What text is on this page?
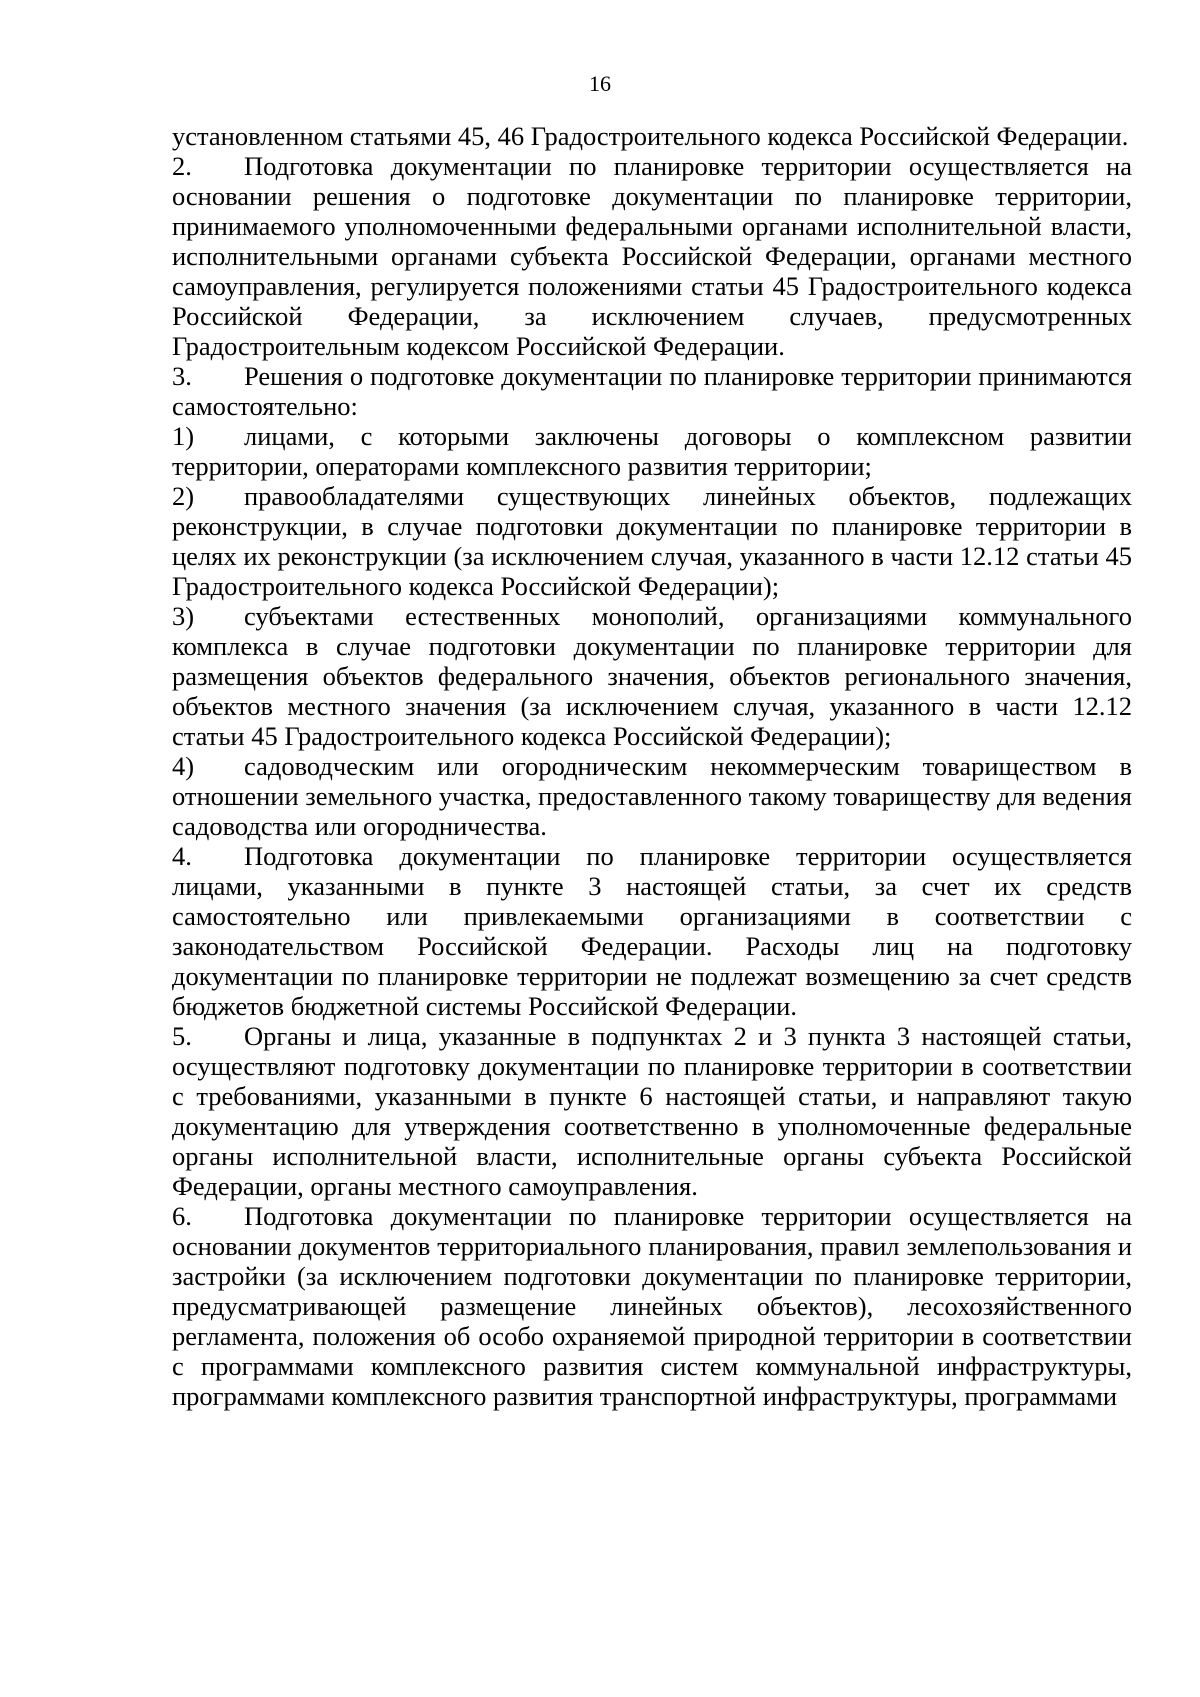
16

установленном статьями 45, 46 Градостроительного кодекса Российской Федерации.

2. Подготовка документации по планировке территории осуществляется на основании решения о подготовке документации по планировке территории, принимаемого уполномоченными федеральными органами исполнительной власти, исполнительными органами субъекта Российской Федерации, органами местного самоуправления, регулируется положениями статьи 45 Градостроительного кодекса Российской Федерации, за исключением случаев, предусмотренных Градостроительным кодексом Российской Федерации.

3. Решения о подготовке документации по планировке территории принимаются самостоятельно:

1) лицами, с которыми заключены договоры о комплексном развитии территории, операторами комплексного развития территории;

2) правообладателями существующих линейных объектов, подлежащих реконструкции, в случае подготовки документации по планировке территории в целях их реконструкции (за исключением случая, указанного в части 12.12 статьи 45 Градостроительного кодекса Российской Федерации);

3) субъектами естественных монополий, организациями коммунального комплекса в случае подготовки документации по планировке территории для размещения объектов федерального значения, объектов регионального значения, объектов местного значения (за исключением случая, указанного в части 12.12 статьи 45 Градостроительного кодекса Российской Федерации);

4) садоводческим или огородническим некоммерческим товариществом в отношении земельного участка, предоставленного такому товариществу для ведения садоводства или огородничества.

4. Подготовка документации по планировке территории осуществляется лицами, указанными в пункте 3 настоящей статьи, за счет их средств самостоятельно или привлекаемыми организациями в соответствии с законодательством Российской Федерации. Расходы лиц на подготовку документации по планировке территории не подлежат возмещению за счет средств бюджетов бюджетной системы Российской Федерации.

5. Органы и лица, указанные в подпунктах 2 и 3 пункта 3 настоящей статьи, осуществляют подготовку документации по планировке территории в соответствии с требованиями, указанными в пункте 6 настоящей статьи, и направляют такую документацию для утверждения соответственно в уполномоченные федеральные органы исполнительной власти, исполнительные органы субъекта Российской Федерации, органы местного самоуправления.

6. Подготовка документации по планировке территории осуществляется на основании документов территориального планирования, правил землепользования и застройки (за исключением подготовки документации по планировке территории, предусматривающей размещение линейных объектов), лесохозяйственного регламента, положения об особо охраняемой природной территории в соответствии с программами комплексного развития систем коммунальной инфраструктуры, программами комплексного развития транспортной инфраструктуры, программами
